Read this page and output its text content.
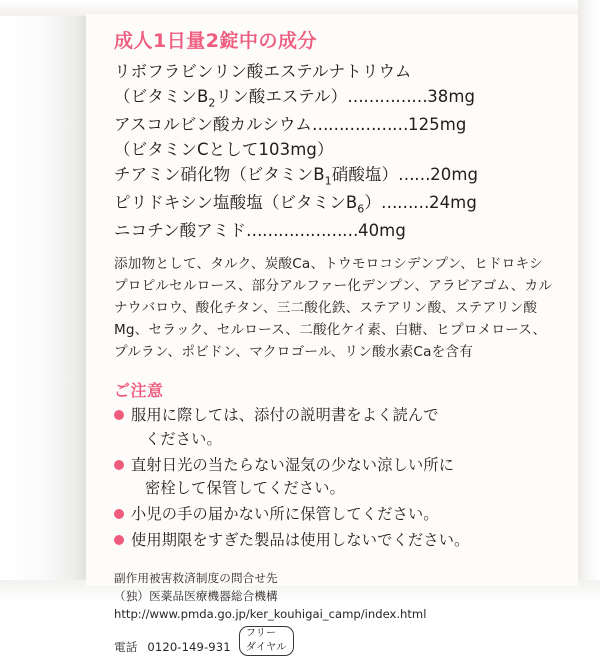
成人1日量2錠中の成分
リボフラビンリン酸エステルナトリウム
（ビタミン$B_2$リン酸エステル）……………38mg
アスコルビン酸カルシウム………………125mg
（ビタミンCとして103mg）
チアミン硝化物（ビタミン$B_1$硝酸塩）……20mg
ピリドキシン塩酸塩（ビタミン$B_6)\dots\dots\dots 24mg$
ニコチン酸アミド…………………40mg
添加物として、タルク、炭酸Ca、トウモロコシデンプン、ヒドロキシプロピルセルロース、部分アルファー化デンプン、アラビアゴム、カルナウバロウ、酸化チタン、三二酸化鉄、ステアリン酸、ステアリン酸Mg、セラック、セルロース、二酸化ケイ素、白糖、ヒプロメロース、プルラン、ポビドン、マクロゴール、リン酸水素Caを含有
ご注意
服用に際しては、添付の説明書をよく読んで
ください。
直射日光の当たらない湿気の少ない涼しい所に
密栓して保管してください。
小児の手の届かない所に保管してください。
使用期限をすぎた製品は使用しないでください。
副作用被害救済制度の問合せ先
（独）医薬品医療機器総合機構
http://www.pmda.go.jp/ker_kouhigai_camp/index.html
電話 0120-149-931フリー
ダイヤル
